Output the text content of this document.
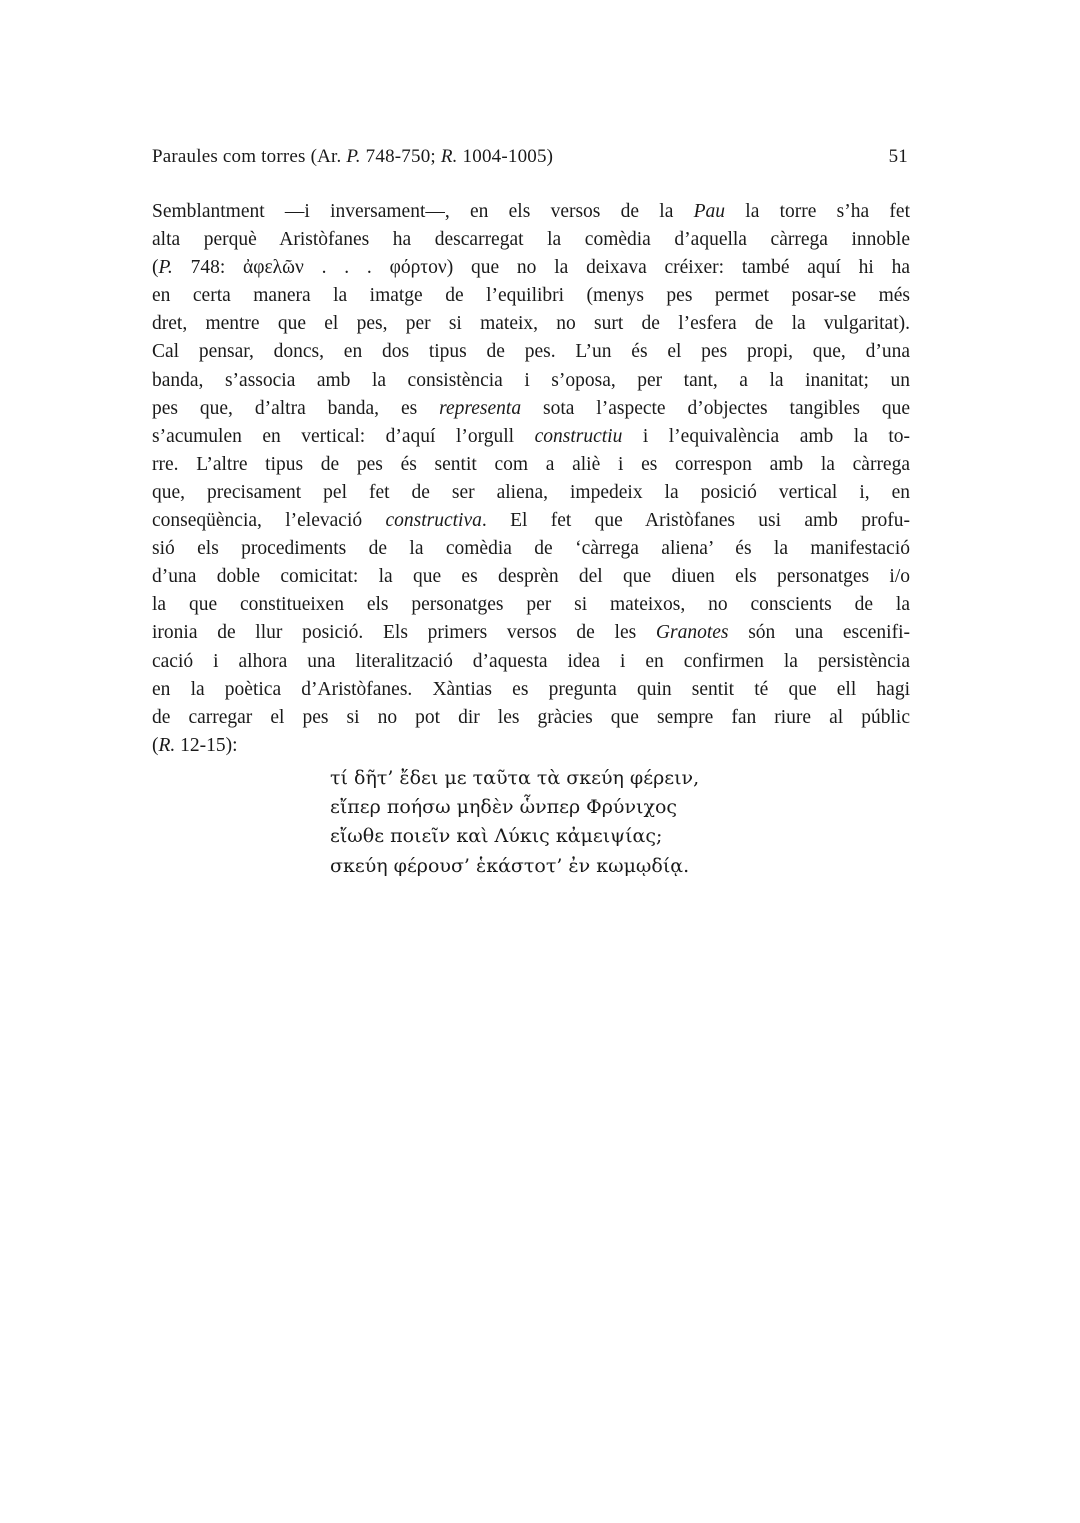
Paraules com torres (Ar. P. 748-750; R. 1004-1005)	51
Semblantment —i inversament—, en els versos de la Pau la torre s’ha fet
alta perquè Aristòfanes ha descarregat la comèdia d’aquella càrrega innoble
(P. 748: ἀφελῶν . . . φόρτον) que no la deixava créixer: també aquí hi ha
en certa manera la imatge de l’equilibri (menys pes permet posar-se més
dret, mentre que el pes, per si mateix, no surt de l’esfera de la vulgaritat).
Cal pensar, doncs, en dos tipus de pes. L’un és el pes propi, que, d’una
banda, s’associa amb la consistència i s’oposa, per tant, a la inanitat; un
pes que, d’altra banda, es representa sota l’aspecte d’objectes tangibles que
s’acumulen en vertical: d’aquí l’orgull constructiu i l’equivalència amb la to-
rre. L’altre tipus de pes és sentit com a aliè i es correspon amb la càrrega
que, precisament pel fet de ser aliena, impedeix la posició vertical i, en
conseqüència, l’elevació constructiva. El fet que Aristòfanes usi amb profu-
sió els procediments de la comèdia de ‘càrrega aliena’ és la manifestació
d’una doble comicitat: la que es desprèn del que diuen els personatges i/o
la que constitueixen els personatges per si mateixos, no conscients de la
ironia de llur posició. Els primers versos de les Granotes són una escenifi-
cació i alhora una literalització d’aquesta idea i en confirmen la persistència
en la poètica d’Aristòfanes. Xàntias es pregunta quin sentit té que ell hagi
de carregar el pes si no pot dir les gràcies que sempre fan riure al públic
(R. 12-15):
τί δῆτ’ ἔδει με ταῦτα τὰ σκεύη φέρειν,
εἴπερ ποήσω μηδὲν ὧνπερ Φρύνιχος
εἴωθε ποιεῖν καὶ Λύκις κἀμειψίας;
σκεύη φέρουσ’ ἑκάστοτ’ ἐν κωμῳδίᾳ.
